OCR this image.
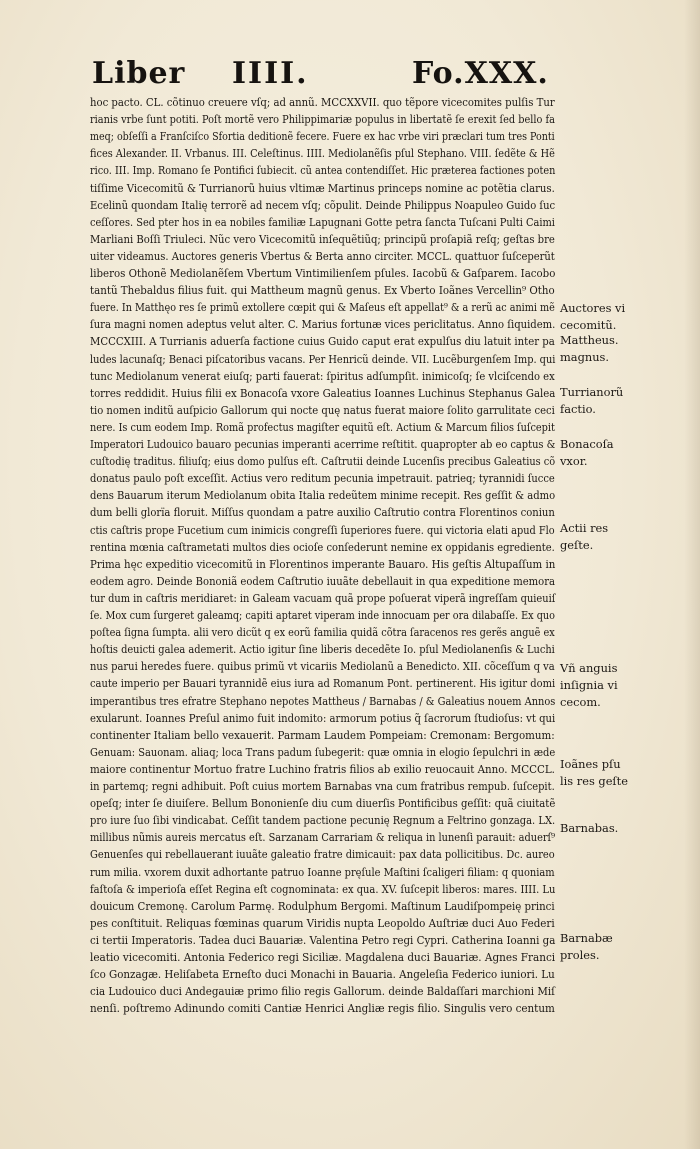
Liber IIII.	Fo.XXX.
hoc pacto. CL. cõtinuo creuere vſq; ad annũ. MCCXXVII. quo tẽpore vicecomites pulſis Tur
rianis vrbe ſunt potiti. Poſt mortẽ vero Philippimariæ populus in libertatẽ ſe erexit ſed bello fa
meq; obſeſſi a Franſciſco Sfortia deditionẽ fecere. Fuere ex hac vrbe viri præclari tum tres Ponti
fices Alexander. II. Vrbanus. III. Celeſtinus. IIII. Mediolanẽſis pſul Stephano. VIII. ſedẽte & Hẽ
rico. III. Imp. Romano ſe Pontifici ſubiecit. cũ antea contendiſſet. Hic præterea factiones poten
tiſſime Vicecomitũ & Turrianorũ huius vltimæ Martinus princeps nomine ac potẽtia clarus.
Ecelinũ quondam Italię terrorẽ ad necem vſq; cõpulit. Deinde Philippus Noapuleo Guido ſuc
ceſſores. Sed pter hos in ea nobiles familiæ Lapugnani Gotte petra ſancta Tuſcani Pulti Caimi
Marliani Boſſi Triuleci. Nũc vero Vicecomitũ inſequẽtiũq; principũ proſapiã reſq; geſtas bre
uiter videamus. Auctores generis Vbertus & Berta anno circiter. MCCL. quattuor ſuſceperũt
liberos Othonẽ Mediolanẽſem Vbertum Vintimilienſem pſules. Iacobũ & Gaſparem. Iacobo
tantũ Thebaldus filius fuit. qui Mattheum magnũ genus. Ex Vberto Ioãnes Vercellin⁹ Otho
fuere. In Matthęo res ſe primũ extollere cœpit qui & Maſeus eſt appellat⁹ & a rerũ ac animi mẽ
ſura magni nomen adeptus velut alter. C. Marius fortunæ vices periclitatus. Anno ſiquidem.
MCCCXIII. A Turrianis aduerſa factione cuius Guido caput erat expulſus diu latuit inter pa
ludes lacunaſq; Benaci piſcatoribus vacans. Per Henricũ deinde. VII. Lucẽburgenſem Imp. qui
tunc Mediolanum venerat eiuſq; parti fauerat: ſpiritus adſumpſit. inimicoſq; ſe vlciſcendo ex
torres reddidit. Huius filii ex Bonacoſa vxore Galeatius Ioannes Luchinus Stephanus Galea
tio nomen inditũ auſpicio Gallorum qui nocte quę natus fuerat maiore ſolito garrulitate ceci
nere. Is cum eodem Imp. Romã profectus magiſter equitũ eſt. Actium & Marcum filios ſuſcepit
Imperatori Ludouico bauaro pecunias imperanti acerrime reſtitit. quapropter ab eo captus &
cuſtodię traditus. filiuſq; eius domo pulſus eſt. Caſtrutii deinde Lucenſis precibus Galeatius cõ
donatus paulo poſt exceſſit. Actius vero reditum pecunia impetrauit. patrieq; tyrannidi ſucce
dens Bauarum iterum Mediolanum obita Italia redeũtem minime recepit. Res geſſit & admo
dum belli glorïa floruit. Miſſus quondam a patre auxilio Caſtrutio contra Florentinos coniun
ctis caſtris prope Fucetium cum inimicis congreſſi ſuperiores fuere. qui victoria elati apud Flo
rentina mœnia caſtrametati multos dies ocioſe conſederunt nemine ex oppidanis egrediente.
Prima hęc expeditio vicecomitũ in Florentinos imperante Bauaro. His geſtis Altupaſſum in
eodem agro. Deinde Bononiã eodem Caſtrutio iuuãte debellauit in qua expeditione memora
tur dum in caſtris meridiaret: in Galeam vacuam quã prope poſuerat viperã ingreſſam quieuiſ
ſe. Mox cum ſurgeret galeamq; capiti aptaret viperam inde innocuam per ora dilabaſſe. Ex quo
poſtea ſigna ſumpta. alii vero dicũt q ex eorũ familia quidã cõtra ſaracenos res gerẽs anguẽ ex
hoſtis deuicti galea ademerit. Actio igitur ſine liberis decedẽte Io. pſul Mediolanenſis & Luchi
nus parui heredes fuere. quibus primũ vt vicariis Mediolanũ a Benedicto. XII. cõceſſum q va
caute imperio per Bauari tyrannidẽ eius iura ad Romanum Pont. pertinerent. His igitur domi
imperantibus tres efratre Stephano nepotes Mattheus / Barnabas / & Galeatius nouem Annos
exularunt. Ioannes Preſul animo fuit indomito: armorum potius q̃ ſacrorum ſtudioſus: vt qui
continenter Italiam bello vexauerit. Parmam Laudem Pompeiam: Cremonam: Bergomum:
Genuam: Sauonam. aliaq; loca Trans padum ſubegerit: quæ omnia in elogio ſepulchri in æde
maiore continentur Mortuo fratre Luchino fratris filios ab exilio reuocauit Anno. MCCCL.
in partemq; regni adhibuit. Poſt cuius mortem Barnabas vna cum fratribus rempub. ſuſcepit.
opeſq; inter ſe diuiſere. Bellum Bononienſe diu cum diuerſis Pontificibus geſſit: quã ciuitatẽ
pro iure ſuo ſibi vindicabat. Ceſſit tandem pactione pecunię Regnum a Feltrino gonzaga. LX.
millibus nũmis aureis mercatus eſt. Sarzanam Carrariam & reliqua in lunenſi parauit: aduerſ⁹
Genuenſes qui rebellauerant iuuãte galeatio fratre dimicauit: pax data pollicitibus. Dc. aureo
rum milia. vxorem duxit adhortante patruo Ioanne pręſule Maſtini ſcaligeri filiam: q quoniam
faſtoſa & imperioſa eſſet Regina eſt cognominata: ex qua. XV. ſuſcepit liberos: mares. IIII. Lu
douicum Cremonę. Carolum Parmę. Rodulphum Bergomi. Maſtinum Laudiſpompeię princi
pes conſtituit. Reliquas fœminas quarum Viridis nupta Leopoldo Auſtriæ duci Auo Federi
ci tertii Imperatoris. Tadea duci Bauariæ. Valentina Petro regi Cypri. Catherina Ioanni ga
leatio vicecomiti. Antonia Federico regi Siciliæ. Magdalena duci Bauariæ. Agnes Franci
ſco Gonzagæ. Heliſabeta Erneſto duci Monachi in Bauaria. Angeleſia Federico iuniori. Lu
cia Ludouico duci Andegauiæ primo filio regis Gallorum. deinde Baldaſſari marchioni Miſ
nenſi. poſtremo Adinundo comiti Cantiæ Henrici Angliæ regis filio. Singulis vero centum
Auctores vi
cecomitũ.
Mattheus.
magnus.
Turrianorũ
factio.
Bonacoſa
vxor.
Actii res
geſte.
Vñ anguis
inſignia vi
cecom.
Ioãnes pſu
lis res geſte
Barnabas.
Barnabæ
proles.
